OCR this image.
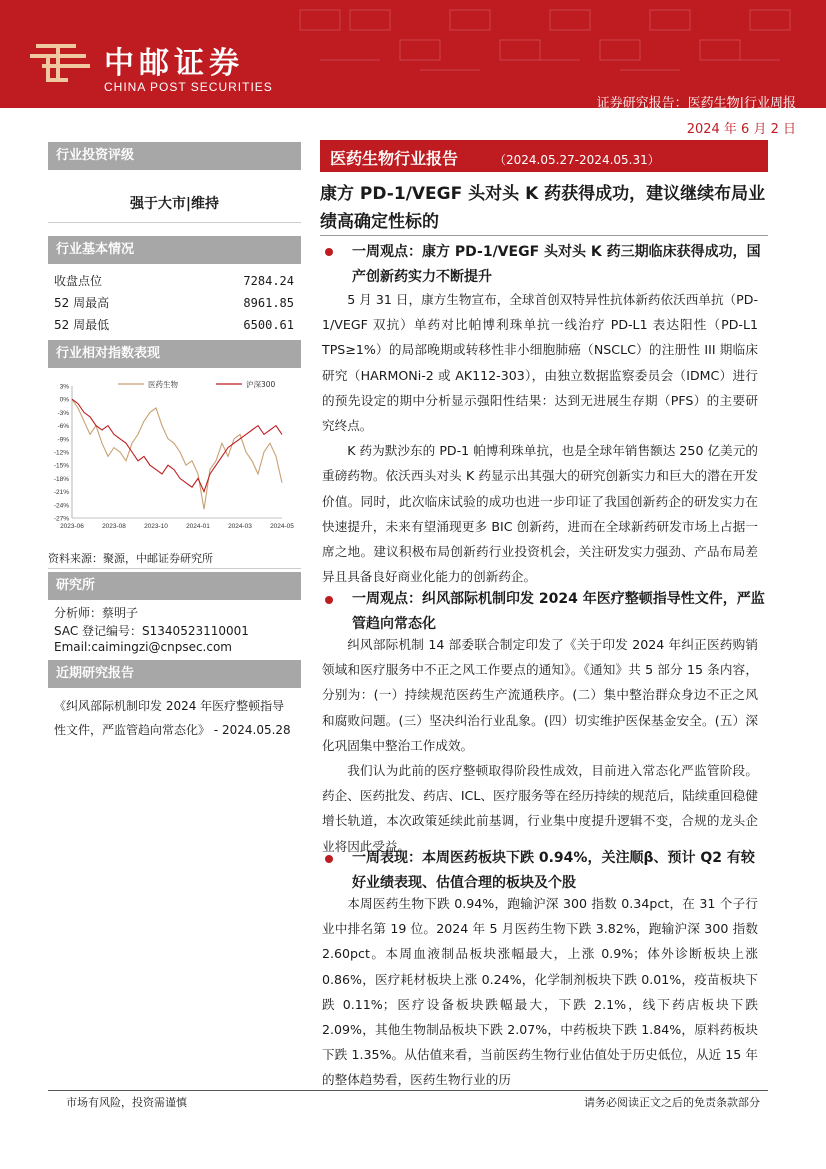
中邮证券
CHINA POST SECURITIES
证券研究报告：医药生物|行业周报
2024 年 6 月 2 日
行业投资评级
强于大市|维持
行业基本情况
收盘点位	7284.24
52 周最高	8961.85
52 周最低	6500.61
行业相对指数表现
3%
0%
-3%
-6%
-9%
-12%
-15%
-18%
-21%
-24%
-27%
2023-06	2023-08	2023-10	2024-01	2024-03	2024-05
医药生物	沪深300
资料来源：聚源，中邮证券研究所
研究所
分析师：蔡明子
SAC 登记编号：S1340523110001
Email:caimingzi@cnpsec.com
近期研究报告
《纠风部际机制印发 2024 年医疗整顿指导性文件，严监管趋向常态化》 - 2024.05.28
医药生物行业报告	（2024.05.27-2024.05.31）
康方 PD-1/VEGF 头对头 K 药获得成功，建议继续布局业绩高确定性标的
一周观点：康方 PD-1/VEGF 头对头 K 药三期临床获得成功，国产创新药实力不断提升

5 月 31 日，康方生物宣布，全球首创双特异性抗体新药依沃西单抗（PD-1/VEGF 双抗）单药对比帕博利珠单抗一线治疗 PD-L1 表达阳性（PD-L1 TPS≥1%）的局部晚期或转移性非小细胞肺癌（NSCLC）的注册性 III 期临床研究（HARMONi-2 或 AK112-303），由独立数据监察委员会（IDMC）进行的预先设定的期中分析显示强阳性结果：达到无进展生存期（PFS）的主要研究终点。

K 药为默沙东的 PD-1 帕博利珠单抗，也是全球年销售额达 250 亿美元的重磅药物。依沃西头对头 K 药显示出其强大的研究创新实力和巨大的潜在开发价值。同时，此次临床试验的成功也进一步印证了我国创新药企的研发实力在快速提升，未来有望涌现更多 BIC 创新药，进而在全球新药研发市场上占据一席之地。建议积极布局创新药行业投资机会，关注研发实力强劲、产品布局差异且具备良好商业化能力的创新药企。

一周观点：纠风部际机制印发 2024 年医疗整顿指导性文件，严监管趋向常态化

纠风部际机制 14 部委联合制定印发了《关于印发 2024 年纠正医药购销领域和医疗服务中不正之风工作要点的通知》。《通知》共 5 部分 15 条内容，分别为：(一）持续规范医药生产流通秩序。(二）集中整治群众身边不正之风和腐败问题。(三）坚决纠治行业乱象。(四）切实维护医保基金安全。(五）深化巩固集中整治工作成效。

我们认为此前的医疗整顿取得阶段性成效，目前进入常态化严监管阶段。药企、医药批发、药店、ICL、医疗服务等在经历持续的规范后，陆续重回稳健增长轨道，本次政策延续此前基调，行业集中度提升逻辑不变，合规的龙头企业将因此受益。

一周表现：本周医药板块下跌 0.94%，关注顺β、预计 Q2 有较好业绩表现、估值合理的板块及个股

本周医药生物下跌 0.94%，跑输沪深 300 指数 0.34pct，在 31 个子行业中排名第 19 位。2024 年 5 月医药生物下跌 3.82%，跑输沪深 300 指数 2.60pct。本周血液制品板块涨幅最大，上涨 0.9%；体外诊断板块上涨 0.86%，医疗耗材板块上涨 0.24%，化学制剂板块下跌 0.01%，疫苗板块下跌 0.11%；医疗设备板块跌幅最大，下跌 2.1%，线下药店板块下跌 2.09%，其他生物制品板块下跌 2.07%，中药板块下跌 1.84%，原料药板块下跌 1.35%。从估值来看，当前医药生物行业估值处于历史低位，从近 15 年的整体趋势看，医药生物行业的历

市场有风险，投资需谨慎	请务必阅读正文之后的免责条款部分
